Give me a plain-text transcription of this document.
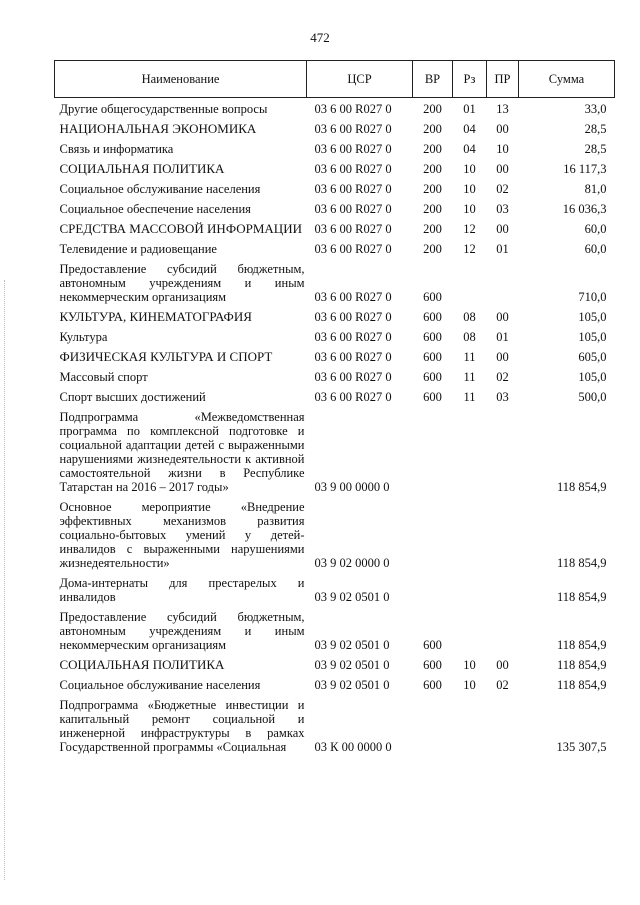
472
Наименование	ЦСР	ВР	Рз	ПР	Сумма
Другие общегосударственные вопросы	03 6 00 R027 0	200	01	13	33,0
НАЦИОНАЛЬНАЯ ЭКОНОМИКА	03 6 00 R027 0	200	04	00	28,5
Связь и информатика	03 6 00 R027 0	200	04	10	28,5
СОЦИАЛЬНАЯ ПОЛИТИКА	03 6 00 R027 0	200	10	00	16 117,3
Социальное обслуживание населения	03 6 00 R027 0	200	10	02	81,0
Социальное обеспечение населения	03 6 00 R027 0	200	10	03	16 036,3
СРЕДСТВА МАССОВОЙ ИНФОРМАЦИИ	03 6 00 R027 0	200	12	00	60,0
Телевидение и радиовещание	03 6 00 R027 0	200	12	01	60,0
Предоставление субсидий бюджетным, автономным учреждениям и иным некоммерческим организациям	03 6 00 R027 0	600			710,0
КУЛЬТУРА, КИНЕМАТОГРАФИЯ	03 6 00 R027 0	600	08	00	105,0
Культура	03 6 00 R027 0	600	08	01	105,0
ФИЗИЧЕСКАЯ КУЛЬТУРА И СПОРТ	03 6 00 R027 0	600	11	00	605,0
Массовый спорт	03 6 00 R027 0	600	11	02	105,0
Спорт высших достижений	03 6 00 R027 0	600	11	03	500,0
Подпрограмма «Межведомственная программа по комплексной подготовке и социальной адаптации детей с выраженными нарушениями жизнедеятельности к активной самостоятельной жизни в Республике Татарстан на 2016 – 2017 годы»	03 9 00 0000 0				118 854,9
Основное мероприятие «Внедрение эффективных механизмов развития социально-бытовых умений у детей-инвалидов с выраженными нарушениями жизнедеятельности»	03 9 02 0000 0				118 854,9
Дома-интернаты для престарелых и инвалидов	03 9 02 0501 0				118 854,9
Предоставление субсидий бюджетным, автономным учреждениям и иным некоммерческим организациям	03 9 02 0501 0	600			118 854,9
СОЦИАЛЬНАЯ ПОЛИТИКА	03 9 02 0501 0	600	10	00	118 854,9
Социальное обслуживание населения	03 9 02 0501 0	600	10	02	118 854,9
Подпрограмма «Бюджетные инвестиции и капитальный ремонт социальной и инженерной инфраструктуры в рамках Государственной программы «Социальная	03 К 00 0000 0				135 307,5
